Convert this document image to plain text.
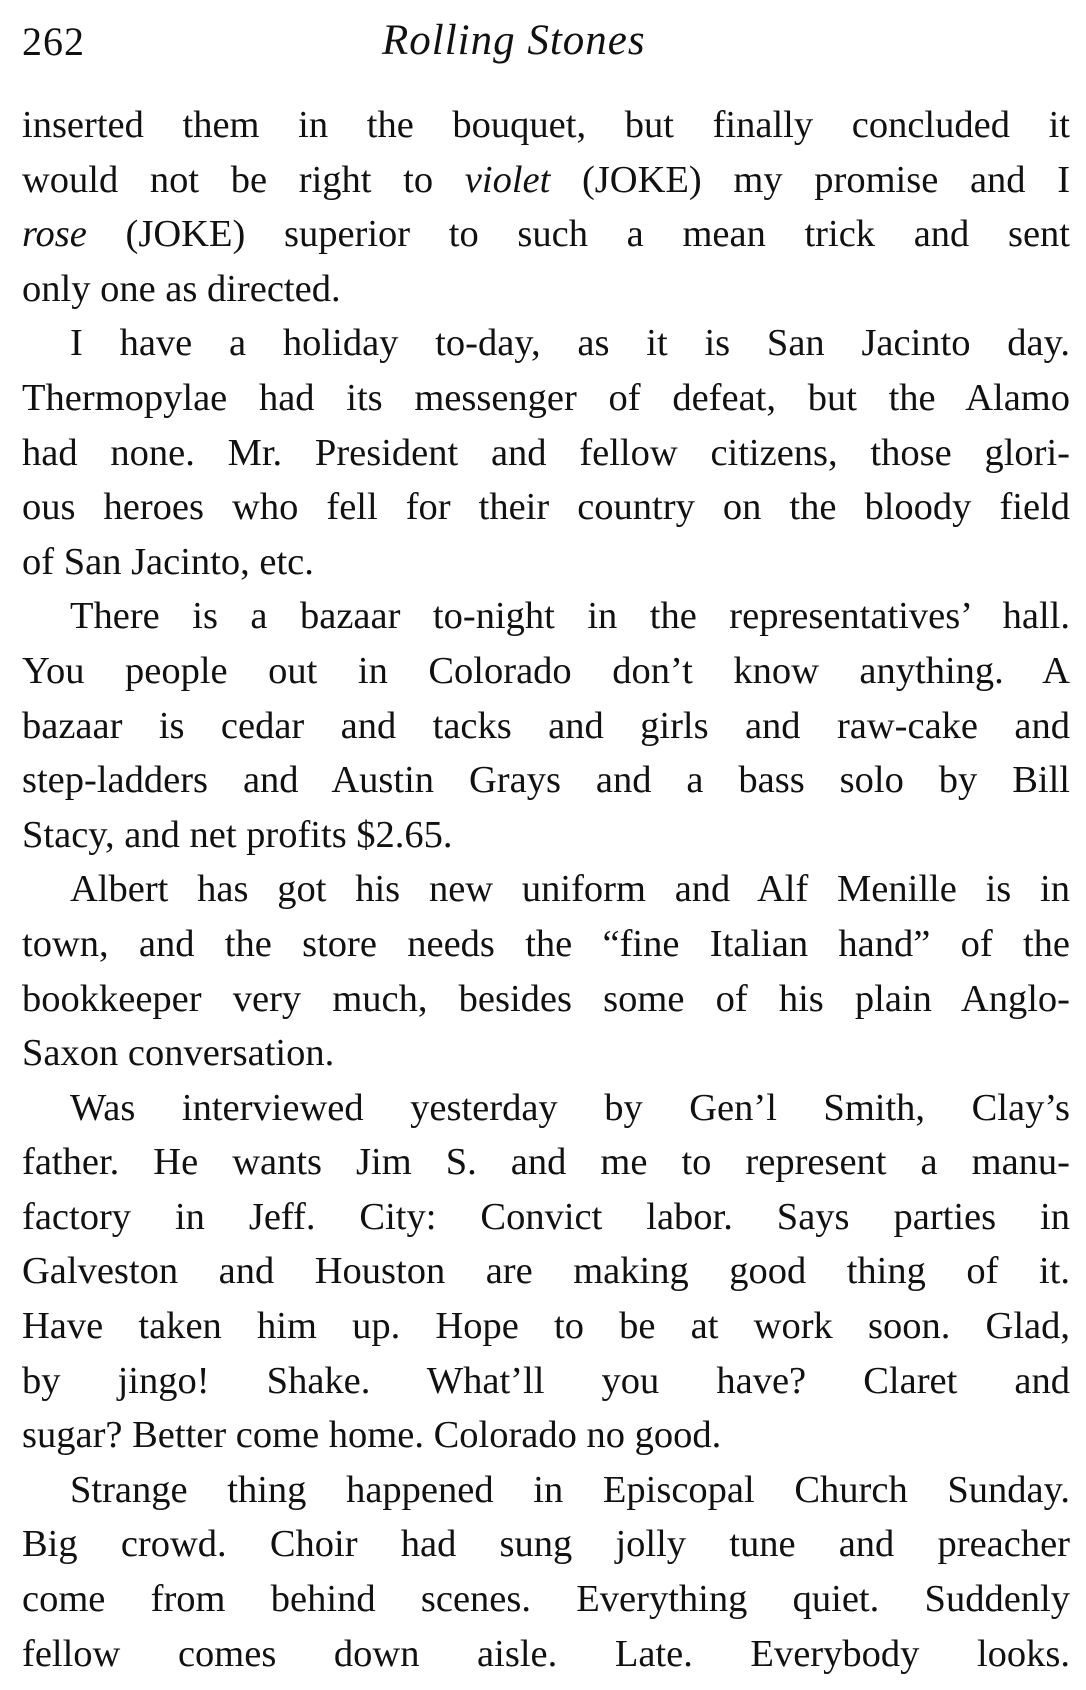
262	Rolling Stones
inserted them in the bouquet, but finally concluded it
would not be right to violet (JOKE) my promise and I
rose (JOKE) superior to such a mean trick and sent
only one as directed.
I have a holiday to-day, as it is San Jacinto day.
Thermopylae had its messenger of defeat, but the Alamo
had none. Mr. President and fellow citizens, those glori-
ous heroes who fell for their country on the bloody field
of San Jacinto, etc.
There is a bazaar to-night in the representatives’ hall.
You people out in Colorado don’t know anything. A
bazaar is cedar and tacks and girls and raw-cake and
step-ladders and Austin Grays and a bass solo by Bill
Stacy, and net profits $2.65.
Albert has got his new uniform and Alf Menille is in
town, and the store needs the “fine Italian hand” of the
bookkeeper very much, besides some of his plain Anglo-
Saxon conversation.
Was interviewed yesterday by Gen’l Smith, Clay’s
father. He wants Jim S. and me to represent a manu-
factory in Jeff. City: Convict labor. Says parties in
Galveston and Houston are making good thing of it.
Have taken him up. Hope to be at work soon. Glad,
by jingo! Shake. What’ll you have? Claret and
sugar? Better come home. Colorado no good.
Strange thing happened in Episcopal Church Sunday.
Big crowd. Choir had sung jolly tune and preacher
come from behind scenes. Everything quiet. Suddenly
fellow comes down aisle. Late. Everybody looks.
